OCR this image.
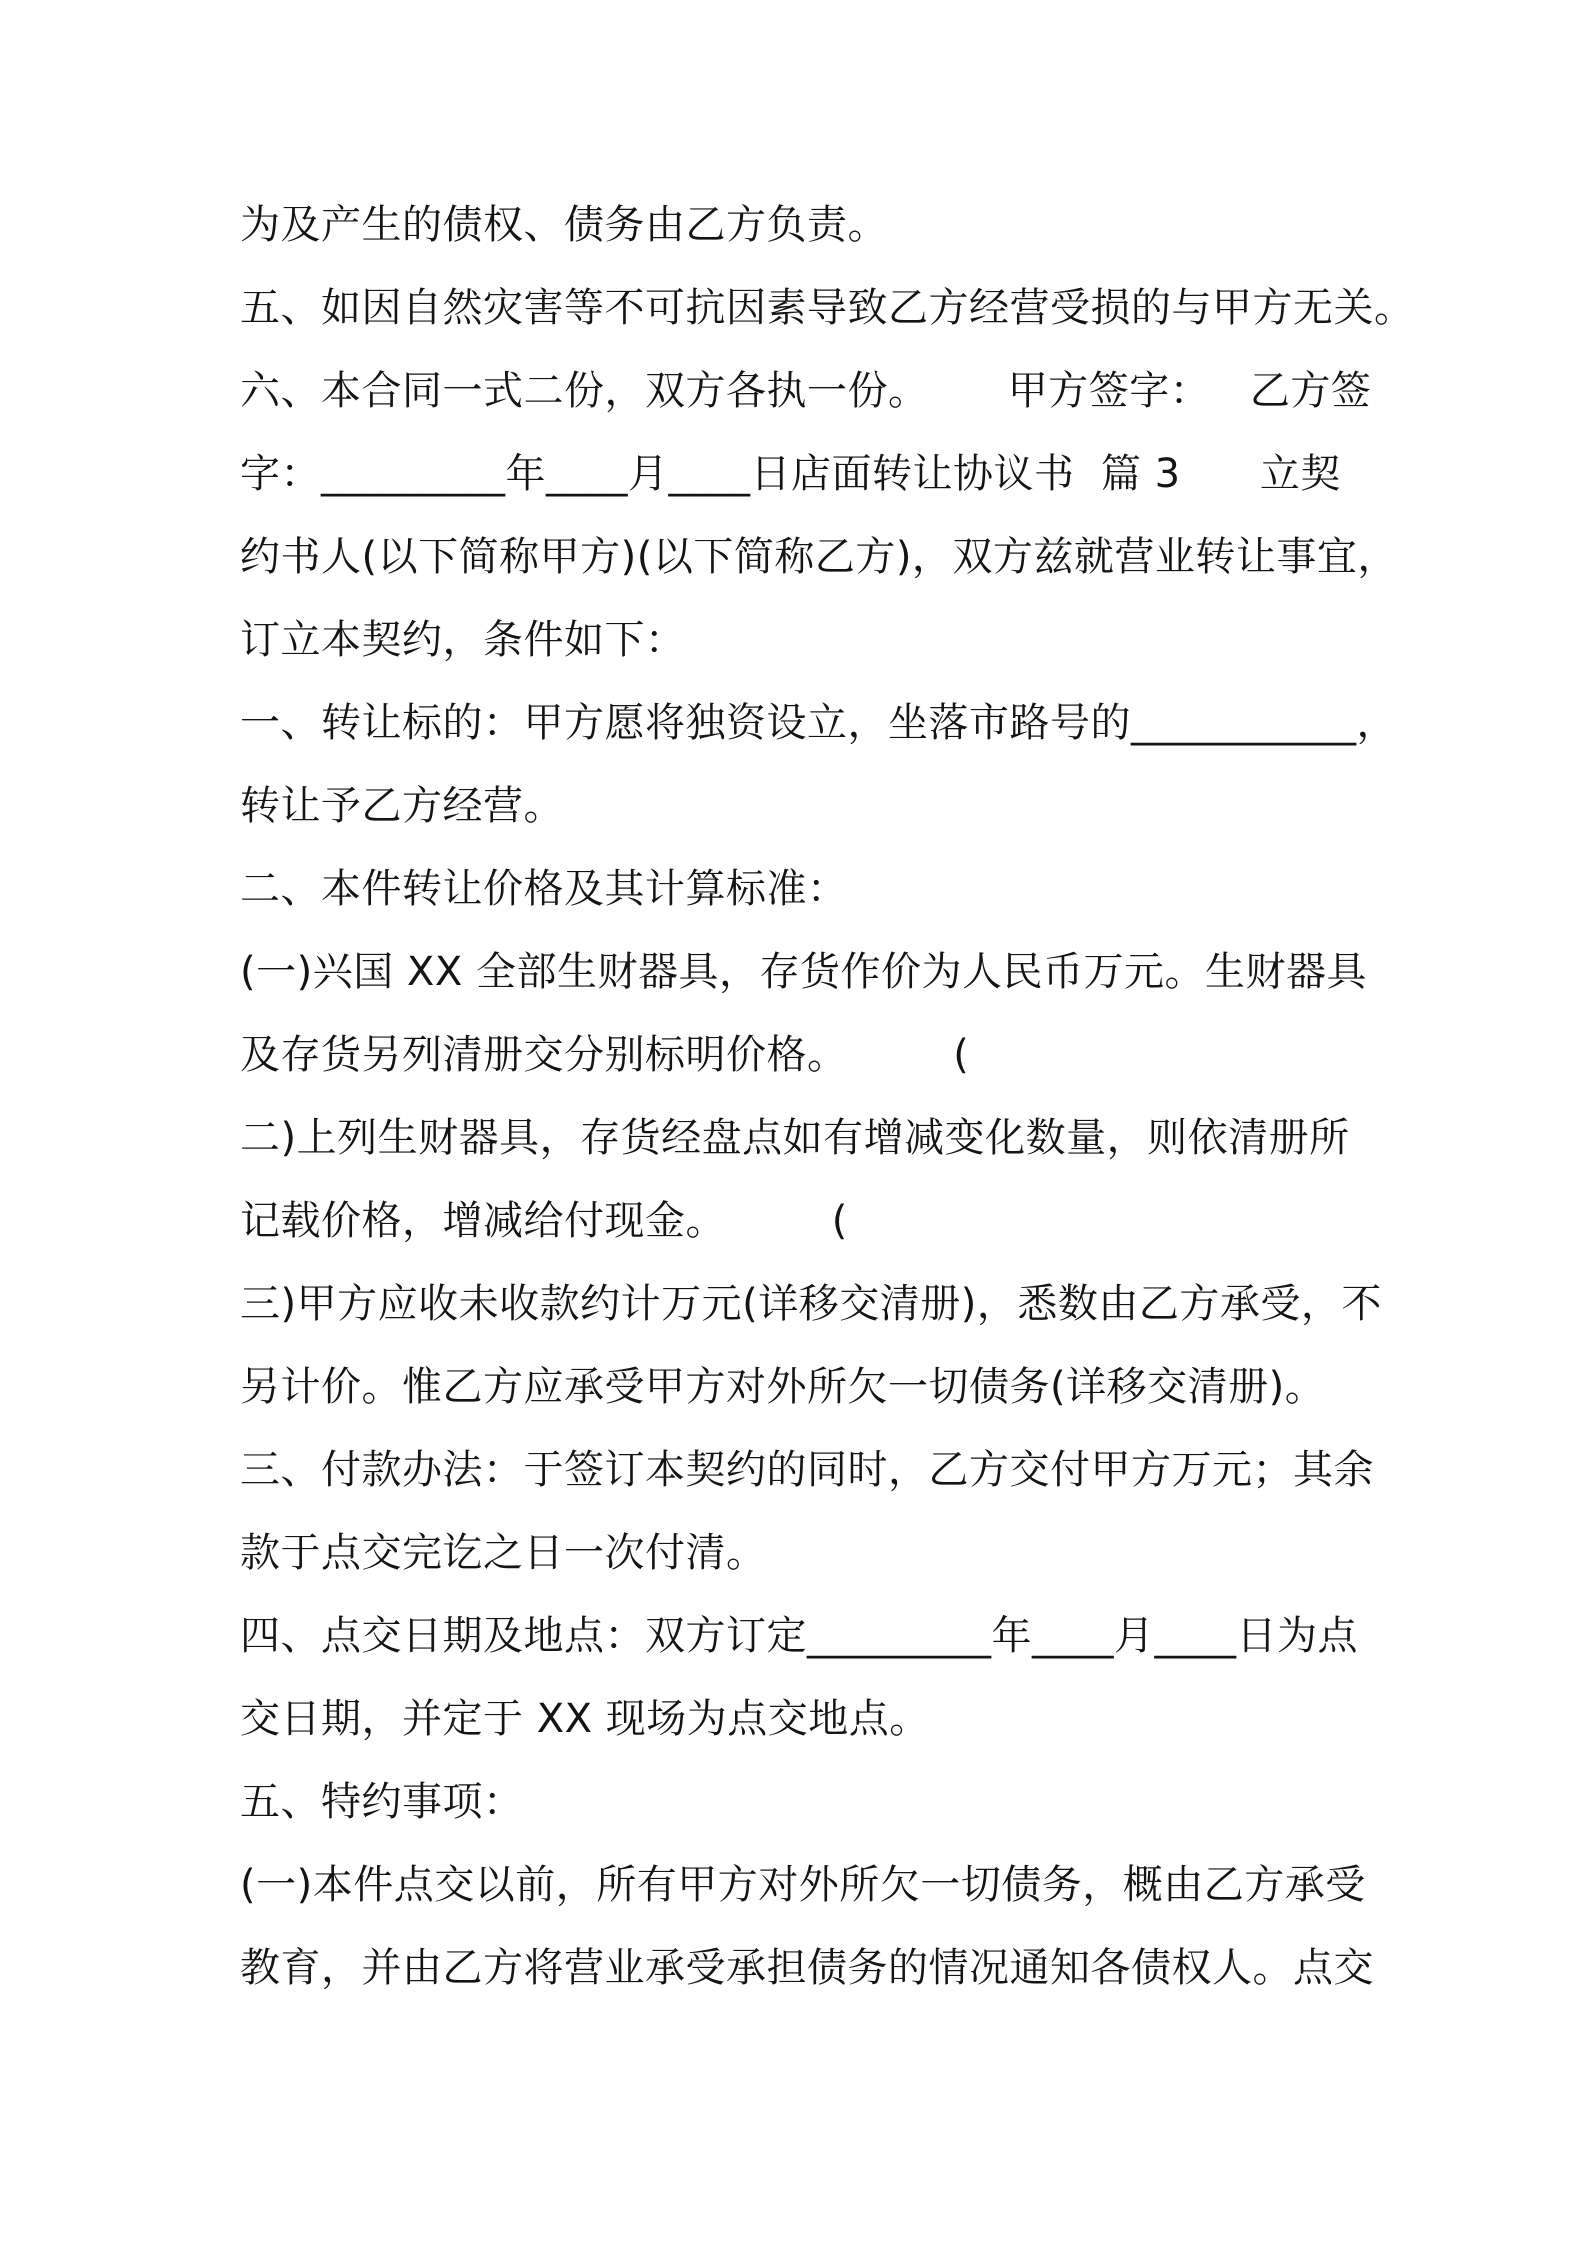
为及产生的债权、债务由乙方负责。
五、如因自然灾害等不可抗因素导致乙方经营受损的与甲方无关。
六、本合同一式二份，双方各执一份。      甲方签字：   乙方签
字：_________年____月____日店面转让协议书  篇 3      立契
约书人(以下简称甲方)(以下简称乙方)，双方兹就营业转让事宜，
订立本契约，条件如下：
一、转让标的：甲方愿将独资设立，坐落市路号的___________，
转让予乙方经营。
二、本件转让价格及其计算标准：
(一)兴国 XX 全部生财器具，存货作价为人民币万元。生财器具
及存货另列清册交分别标明价格。        (
二)上列生财器具，存货经盘点如有增减变化数量，则依清册所
记载价格，增减给付现金。        (
三)甲方应收未收款约计万元(详移交清册)，悉数由乙方承受，不
另计价。惟乙方应承受甲方对外所欠一切债务(详移交清册)。
三、付款办法：于签订本契约的同时，乙方交付甲方万元；其余
款于点交完讫之日一次付清。
四、点交日期及地点：双方订定_________年____月____日为点
交日期，并定于 XX 现场为点交地点。
五、特约事项：
(一)本件点交以前，所有甲方对外所欠一切债务，概由乙方承受
教育，并由乙方将营业承受承担债务的情况通知各债权人。点交
